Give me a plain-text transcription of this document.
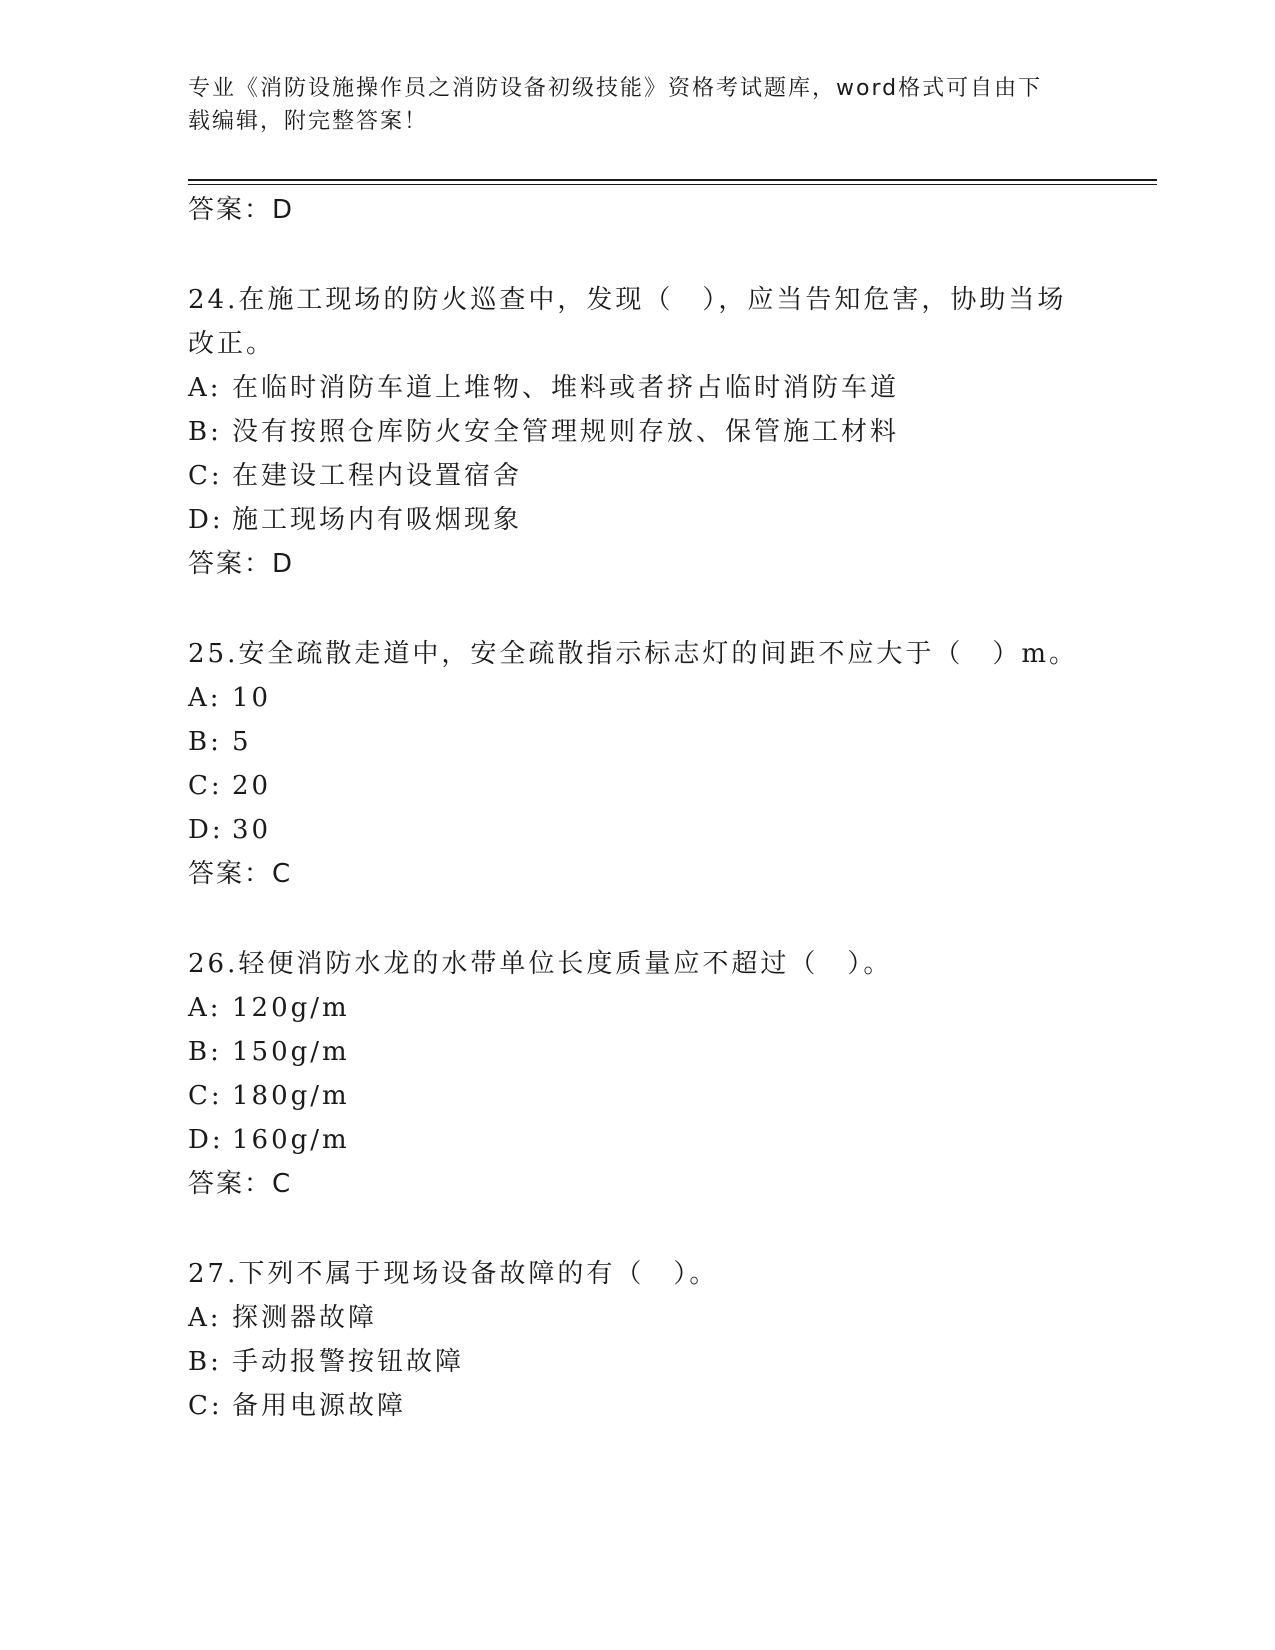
专业《消防设施操作员之消防设备初级技能》资格考试题库，word格式可自由下
载编辑，附完整答案！
答案：D
24.在施工现场的防火巡查中，发现（　），应当告知危害，协助当场
改正。
A: 在临时消防车道上堆物、堆料或者挤占临时消防车道
B: 没有按照仓库防火安全管理规则存放、保管施工材料
C: 在建设工程内设置宿舍
D: 施工现场内有吸烟现象
答案：D
25.安全疏散走道中，安全疏散指示标志灯的间距不应大于（　）m。
A: 10
B: 5
C: 20
D: 30
答案：C
26.轻便消防水龙的水带单位长度质量应不超过（　）。
A: 120g/m
B: 150g/m
C: 180g/m
D: 160g/m
答案：C
27.下列不属于现场设备故障的有（　）。
A: 探测器故障
B: 手动报警按钮故障
C: 备用电源故障
